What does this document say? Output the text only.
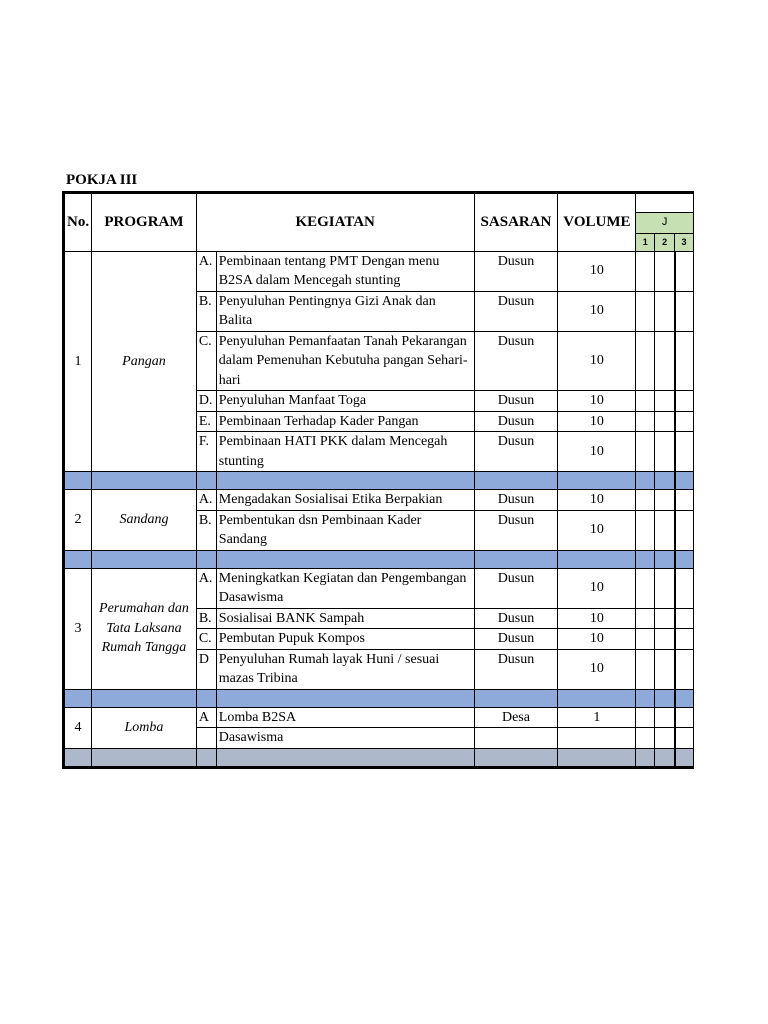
POKJA III
No.	PROGRAM	KEGIATAN		SASARAN	VOLUME			
						J		
						1	2	3
1	Pangan	A.	Pembinaan tentang PMT Dengan menu B2SA dalam Mencegah stunting	Dusun	10			
		B.	Penyuluhan Pentingnya Gizi Anak dan Balita	Dusun	10			
		C.	Penyuluhan Pemanfaatan Tanah Pekarangan dalam Pemenuhan Kebutuha pangan Sehari-hari	Dusun	10			
		D.	Penyuluhan Manfaat Toga	Dusun	10			
		E.	Pembinaan Terhadap Kader Pangan	Dusun	10			
		F.	Pembinaan HATI PKK dalam Mencegah stunting	Dusun	10			

2	Sandang	A.	Mengadakan Sosialisai Etika Berpakian	Dusun	10			
		B.	Pembentukan dsn Pembinaan Kader Sandang	Dusun	10			

3	Perumahan dan Tata Laksana Rumah Tangga	A.	Meningkatkan Kegiatan dan Pengembangan Dasawisma	Dusun	10			
		B.	Sosialisai BANK Sampah	Dusun	10			
		C.	Pembutan Pupuk Kompos	Dusun	10			
		D	Penyuluhan Rumah layak Huni / sesuai mazas Tribina	Dusun	10			

4	Lomba	A	Lomba B2SA	Desa	1			
			Dasawisma					
